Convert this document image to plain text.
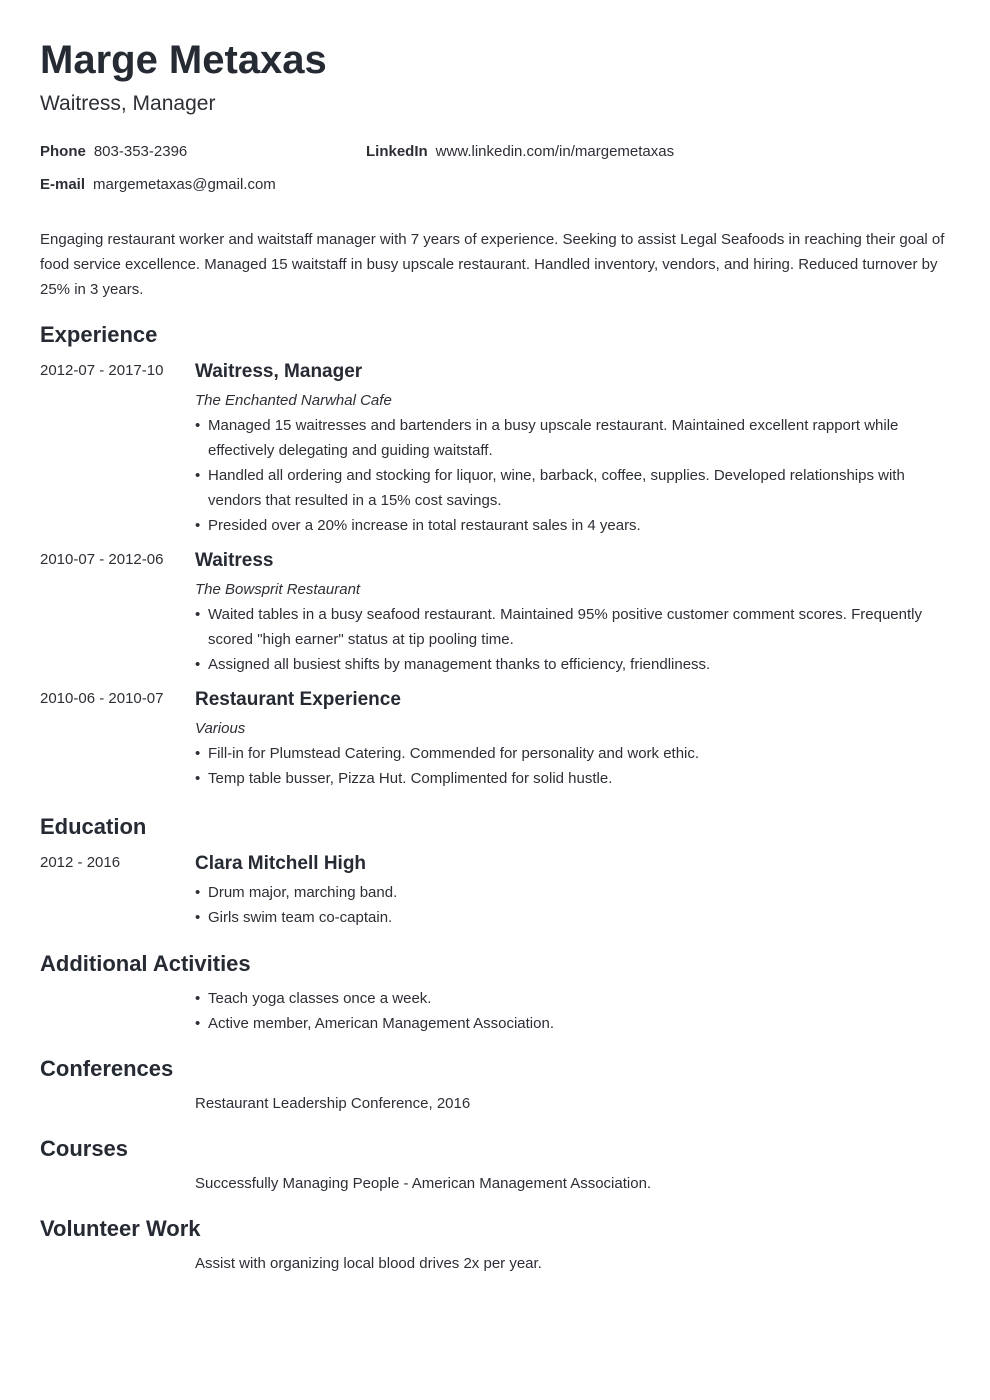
Marge Metaxas
Waitress, Manager
Phone 803-353-2396	LinkedIn www.linkedin.com/in/margemetaxas
E-mail margemetaxas@gmail.com
Engaging restaurant worker and waitstaff manager with 7 years of experience. Seeking to assist Legal Seafoods in reaching their goal of food service excellence. Managed 15 waitstaff in busy upscale restaurant. Handled inventory, vendors, and hiring. Reduced turnover by 25% in 3 years.
Experience
2012-07 - 2017-10 Waitress, Manager
The Enchanted Narwhal Cafe
• Managed 15 waitresses and bartenders in a busy upscale restaurant. Maintained excellent rapport while effectively delegating and guiding waitstaff.
• Handled all ordering and stocking for liquor, wine, barback, coffee, supplies. Developed relationships with vendors that resulted in a 15% cost savings.
• Presided over a 20% increase in total restaurant sales in 4 years.
2010-07 - 2012-06 Waitress
The Bowsprit Restaurant
• Waited tables in a busy seafood restaurant. Maintained 95% positive customer comment scores. Frequently scored "high earner" status at tip pooling time.
• Assigned all busiest shifts by management thanks to efficiency, friendliness.
2010-06 - 2010-07 Restaurant Experience
Various
• Fill-in for Plumstead Catering. Commended for personality and work ethic.
• Temp table busser, Pizza Hut. Complimented for solid hustle.
Education
2012 - 2016	Clara Mitchell High
• Drum major, marching band.
• Girls swim team co-captain.
Additional Activities
• Teach yoga classes once a week.
• Active member, American Management Association.
Conferences
Restaurant Leadership Conference, 2016
Courses
Successfully Managing People - American Management Association.
Volunteer Work
Assist with organizing local blood drives 2x per year.
